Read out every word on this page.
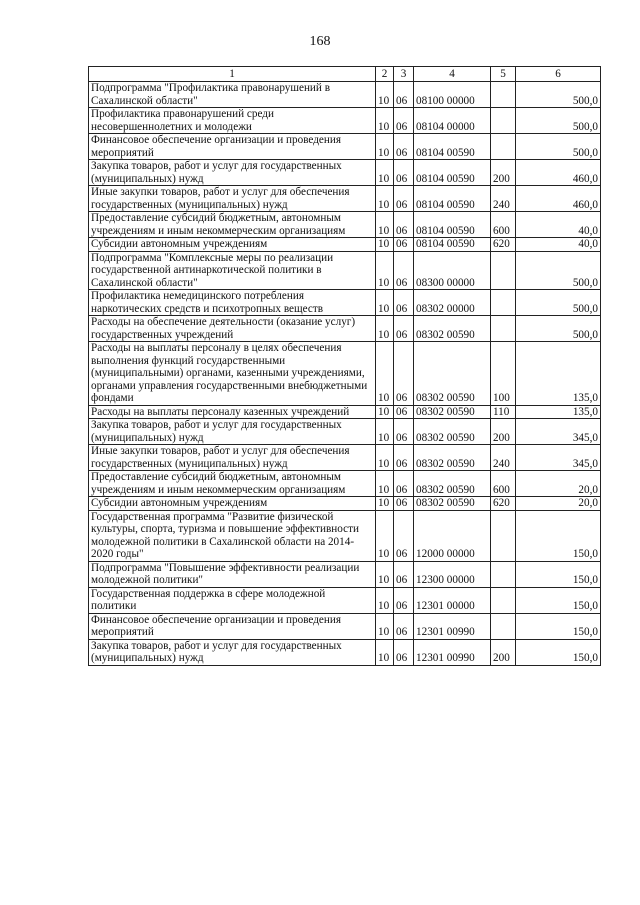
168
1	2	3	4	5	6
Подпрограмма "Профилактика правонарушений в Сахалинской области"	10	06	08100 00000		500,0
Профилактика правонарушений среди несовершеннолетних и молодежи	10	06	08104 00000		500,0
Финансовое обеспечение организации и проведения мероприятий	10	06	08104 00590		500,0
Закупка товаров, работ и услуг для государственных (муниципальных) нужд	10	06	08104 00590	200	460,0
Иные закупки товаров, работ и услуг для обеспечения государственных (муниципальных) нужд	10	06	08104 00590	240	460,0
Предоставление субсидий бюджетным, автономным учреждениям и иным некоммерческим организациям	10	06	08104 00590	600	40,0
Субсидии автономным учреждениям	10	06	08104 00590	620	40,0
Подпрограмма "Комплексные меры по реализации государственной антинаркотической политики в Сахалинской области"	10	06	08300 00000		500,0
Профилактика немедицинского потребления наркотических средств и психотропных веществ	10	06	08302 00000		500,0
Расходы на обеспечение деятельности (оказание услуг) государственных учреждений	10	06	08302 00590		500,0
Расходы на выплаты персоналу в целях обеспечения выполнения функций государственными (муниципальными) органами, казенными учреждениями, органами управления государственными внебюджетными фондами	10	06	08302 00590	100	135,0
Расходы на выплаты персоналу казенных учреждений	10	06	08302 00590	110	135,0
Закупка товаров, работ и услуг для государственных (муниципальных) нужд	10	06	08302 00590	200	345,0
Иные закупки товаров, работ и услуг для обеспечения государственных (муниципальных) нужд	10	06	08302 00590	240	345,0
Предоставление субсидий бюджетным, автономным учреждениям и иным некоммерческим организациям	10	06	08302 00590	600	20,0
Субсидии автономным учреждениям	10	06	08302 00590	620	20,0
Государственная программа "Развитие физической культуры, спорта, туризма и повышение эффективности молодежной политики в Сахалинской области на 2014-2020 годы"	10	06	12000 00000		150,0
Подпрограмма "Повышение эффективности реализации молодежной политики"	10	06	12300 00000		150,0
Государственная поддержка в сфере молодежной политики	10	06	12301 00000		150,0
Финансовое обеспечение организации и проведения мероприятий	10	06	12301 00990		150,0
Закупка товаров, работ и услуг для государственных (муниципальных) нужд	10	06	12301 00990	200	150,0
